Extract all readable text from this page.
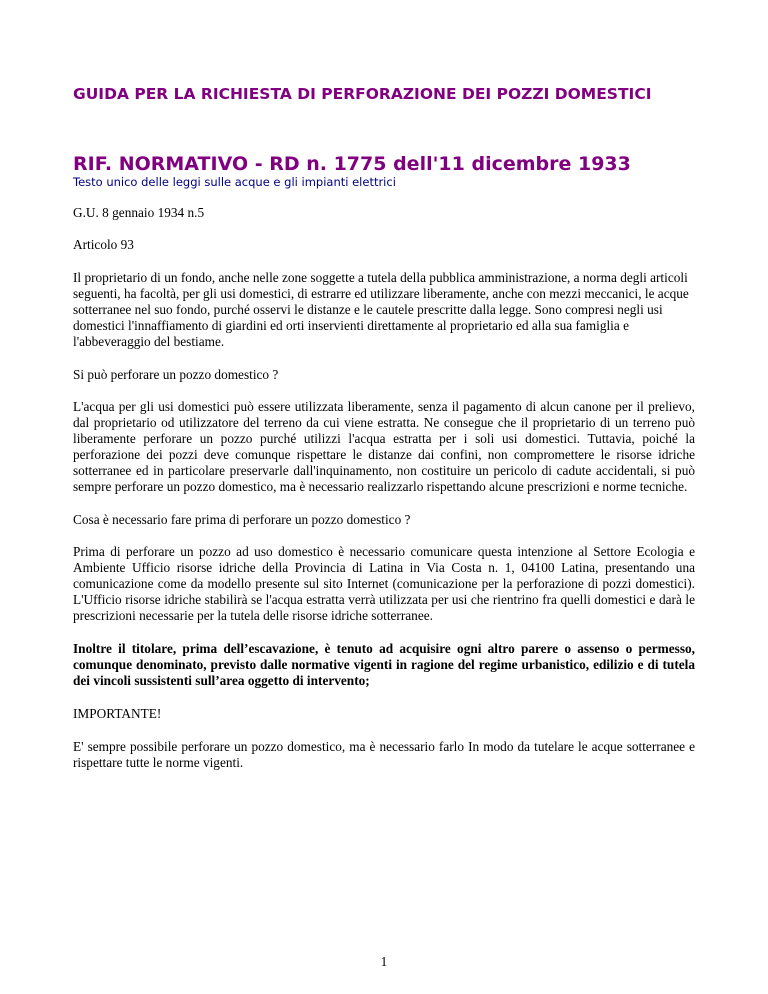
GUIDA PER LA RICHIESTA DI PERFORAZIONE DEI POZZI DOMESTICI
RIF. NORMATIVO - RD n. 1775 dell'11 dicembre 1933
Testo unico delle leggi sulle acque e gli impianti elettrici

G.U. 8 gennaio 1934 n.5

Articolo 93

Il proprietario di un fondo, anche nelle zone soggette a tutela della pubblica amministrazione, a norma degli articoli seguenti, ha facoltà, per gli usi domestici, di estrarre ed utilizzare liberamente, anche con mezzi meccanici, le acque sotterranee nel suo fondo, purché osservi le distanze e le cautele prescritte dalla legge. Sono compresi negli usi domestici l'innaffiamento di giardini ed orti inservienti direttamente al proprietario ed alla sua famiglia e l'abbeveraggio del bestiame.

Si può perforare un pozzo domestico ?

L'acqua per gli usi domestici può essere utilizzata liberamente, senza il pagamento di alcun canone per il prelievo, dal proprietario od utilizzatore del terreno da cui viene estratta. Ne consegue che il proprietario di un terreno può liberamente perforare un pozzo purché utilizzi l'acqua estratta per i soli usi domestici. Tuttavia, poiché la perforazione dei pozzi deve comunque rispettare le distanze dai confini, non compromettere le risorse idriche sotterranee ed in particolare preservarle dall'inquinamento, non costituire un pericolo di cadute accidentali, si può sempre perforare un pozzo domestico, ma è necessario realizzarlo rispettando alcune prescrizioni e norme tecniche.

Cosa è necessario fare prima di perforare un pozzo domestico ?

Prima di perforare un pozzo ad uso domestico è necessario comunicare questa intenzione al Settore Ecologia e Ambiente Ufficio risorse idriche della Provincia di Latina in Via Costa n. 1, 04100 Latina, presentando una comunicazione come da modello presente sul sito Internet (comunicazione per la perforazione di pozzi domestici). L'Ufficio risorse idriche stabilirà se l'acqua estratta verrà utilizzata per usi che rientrino fra quelli domestici e darà le prescrizioni necessarie per la tutela delle risorse idriche sotterranee.

Inoltre il titolare, prima dell’escavazione, è tenuto ad acquisire ogni altro parere o assenso o permesso, comunque denominato, previsto dalle normative vigenti in ragione del regime urbanistico, edilizio e di tutela dei vincoli sussistenti sull’area oggetto di intervento;

IMPORTANTE!

E' sempre possibile perforare un pozzo domestico, ma è necessario farlo In modo da tutelare le acque sotterranee e rispettare tutte le norme vigenti.

1
